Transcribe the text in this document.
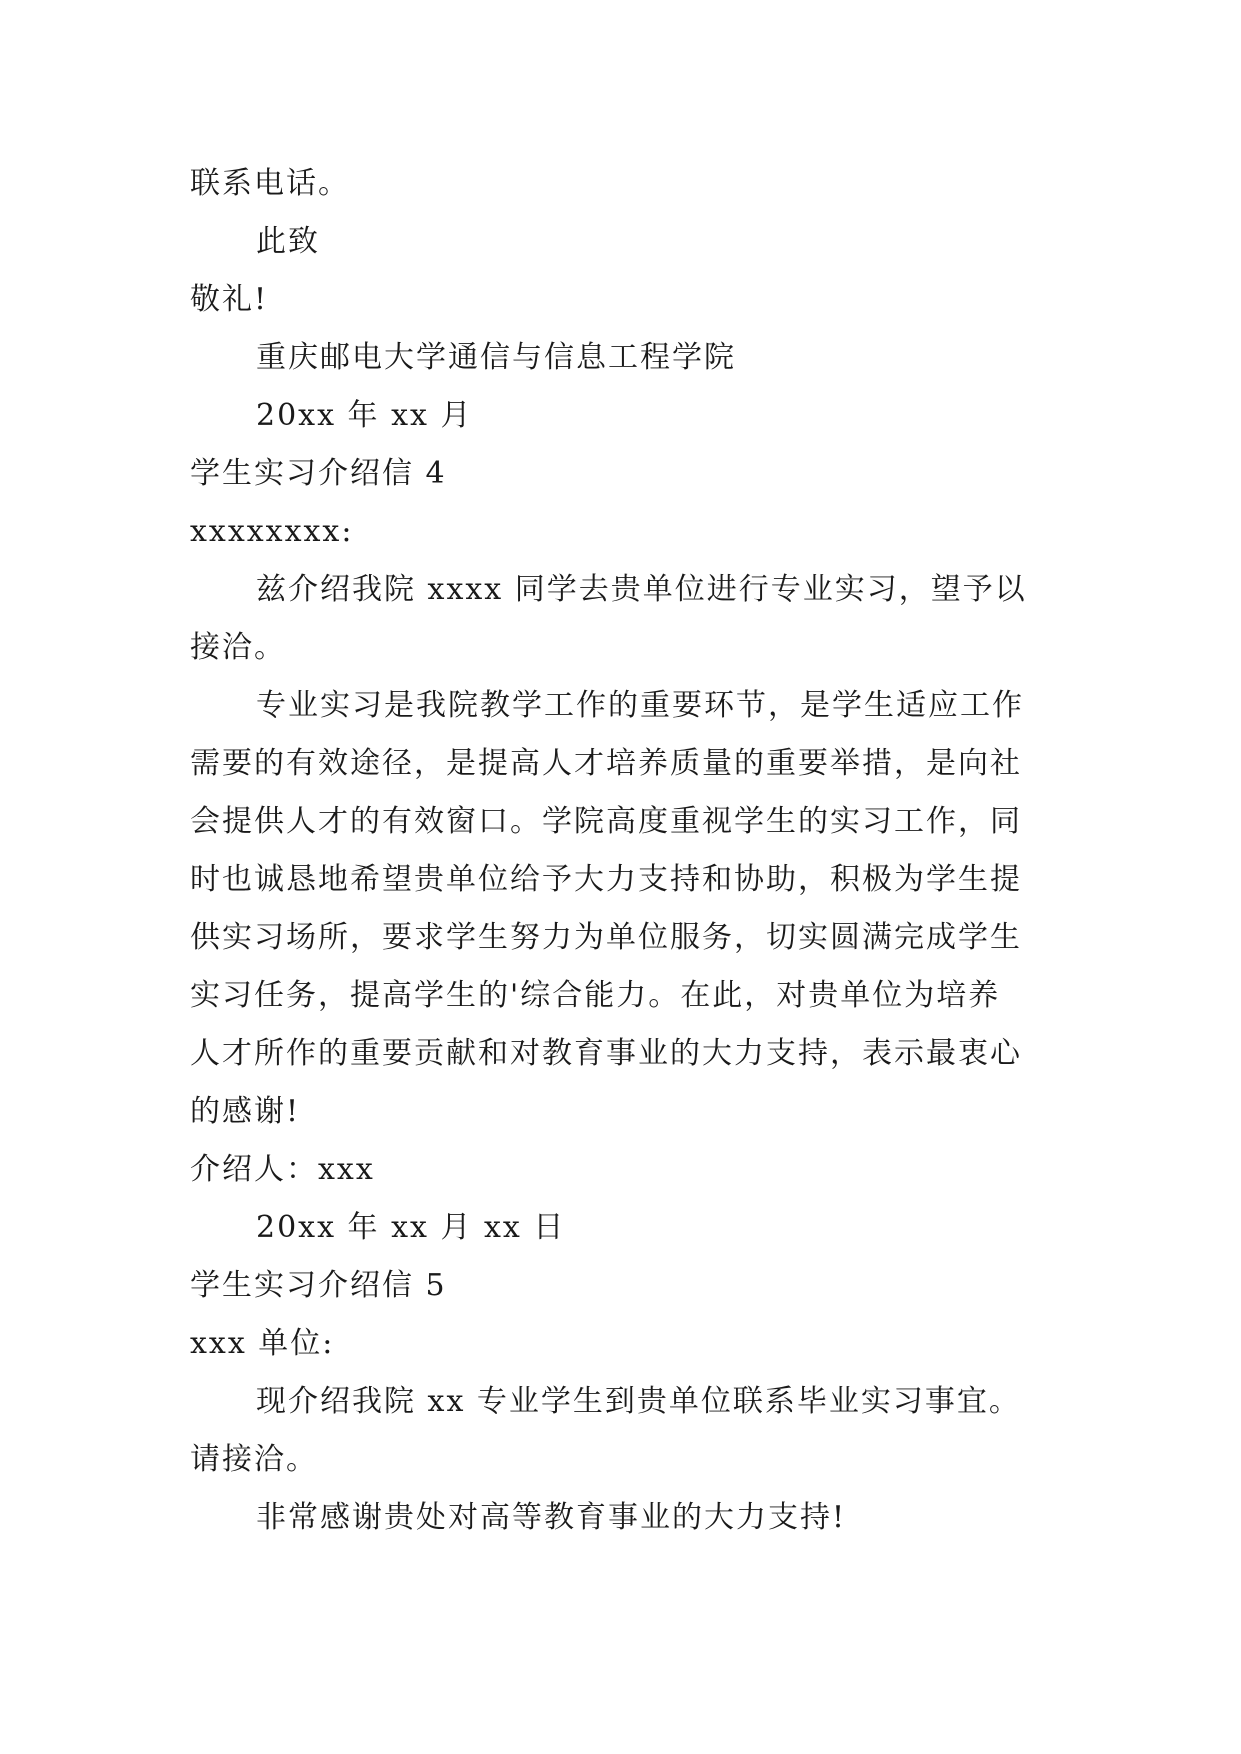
联系电话。
此致
敬礼!
重庆邮电大学通信与信息工程学院
20xx 年 xx 月
学生实习介绍信 4
xxxxxxxx:
兹介绍我院 xxxx 同学去贵单位进行专业实习，望予以
接洽。
专业实习是我院教学工作的重要环节，是学生适应工作
需要的有效途径，是提高人才培养质量的重要举措，是向社
会提供人才的有效窗口。学院高度重视学生的实习工作，同
时也诚恳地希望贵单位给予大力支持和协助，积极为学生提
供实习场所，要求学生努力为单位服务，切实圆满完成学生
实习任务，提高学生的'综合能力。在此，对贵单位为培养
人才所作的重要贡献和对教育事业的大力支持，表示最衷心
的感谢!
介绍人：xxx
20xx 年 xx 月 xx 日
学生实习介绍信 5
xxx 单位:
现介绍我院 xx 专业学生到贵单位联系毕业实习事宜。
请接洽。
非常感谢贵处对高等教育事业的大力支持!
